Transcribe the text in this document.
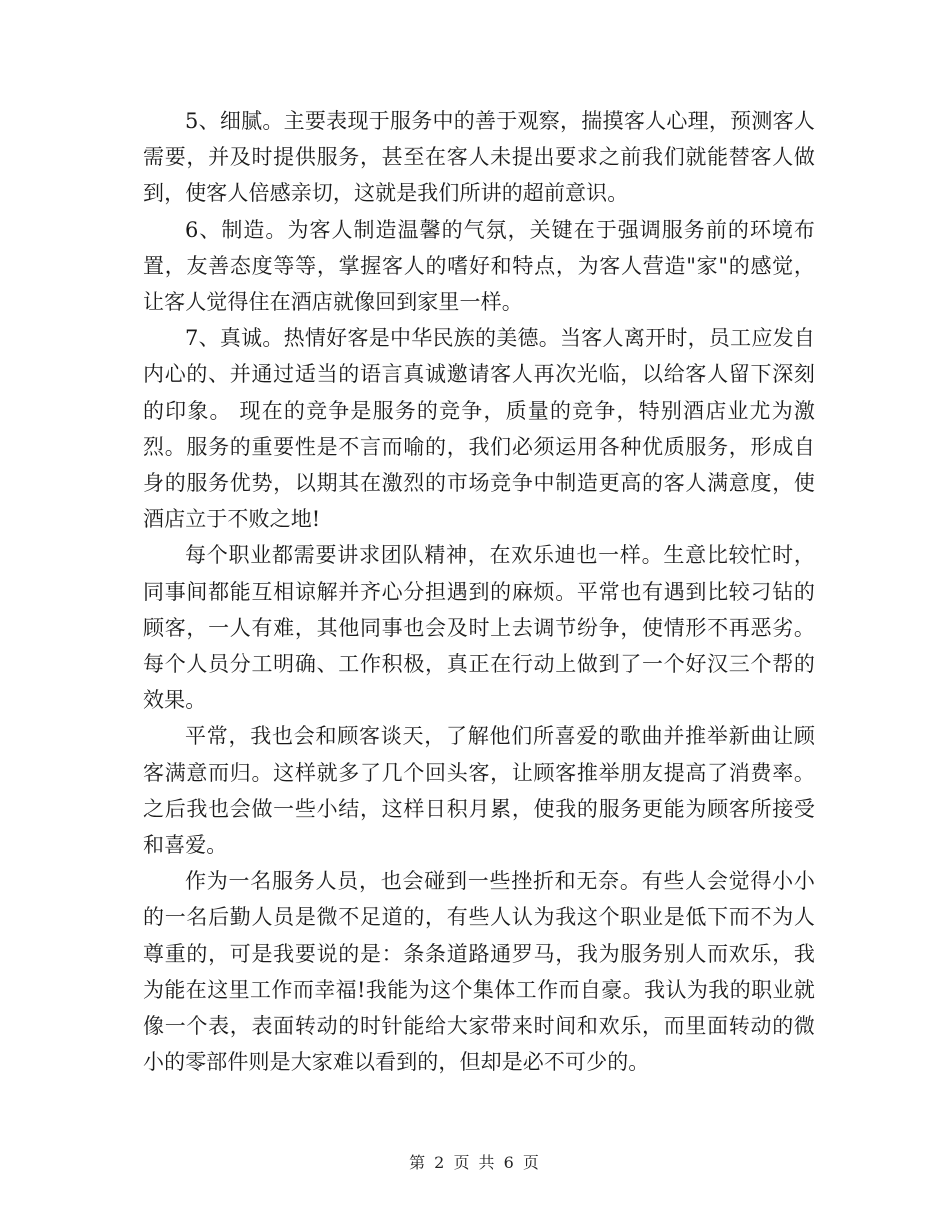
5、细腻。主要表现于服务中的善于观察，揣摸客人心理，预测客人需要，并及时提供服务，甚至在客人未提出要求之前我们就能替客人做到，使客人倍感亲切，这就是我们所讲的超前意识。

6、制造。为客人制造温馨的气氛，关键在于强调服务前的环境布置，友善态度等等，掌握客人的嗜好和特点，为客人营造"家"的感觉，让客人觉得住在酒店就像回到家里一样。

7、真诚。热情好客是中华民族的美德。当客人离开时，员工应发自内心的、并通过适当的语言真诚邀请客人再次光临，以给客人留下深刻的印象。 现在的竞争是服务的竞争，质量的竞争，特别酒店业尤为激烈。服务的重要性是不言而喻的，我们必须运用各种优质服务，形成自身的服务优势，以期其在激烈的市场竞争中制造更高的客人满意度，使酒店立于不败之地!

每个职业都需要讲求团队精神，在欢乐迪也一样。生意比较忙时，同事间都能互相谅解并齐心分担遇到的麻烦。平常也有遇到比较刁钻的顾客，一人有难，其他同事也会及时上去调节纷争，使情形不再恶劣。每个人员分工明确、工作积极，真正在行动上做到了一个好汉三个帮的效果。

平常，我也会和顾客谈天，了解他们所喜爱的歌曲并推举新曲让顾客满意而归。这样就多了几个回头客，让顾客推举朋友提高了消费率。之后我也会做一些小结，这样日积月累，使我的服务更能为顾客所接受和喜爱。

作为一名服务人员，也会碰到一些挫折和无奈。有些人会觉得小小的一名后勤人员是微不足道的，有些人认为我这个职业是低下而不为人尊重的，可是我要说的是：条条道路通罗马，我为服务别人而欢乐，我为能在这里工作而幸福!我能为这个集体工作而自豪。我认为我的职业就像一个表，表面转动的时针能给大家带来时间和欢乐，而里面转动的微小的零部件则是大家难以看到的，但却是必不可少的。

第 2 页 共 6 页
